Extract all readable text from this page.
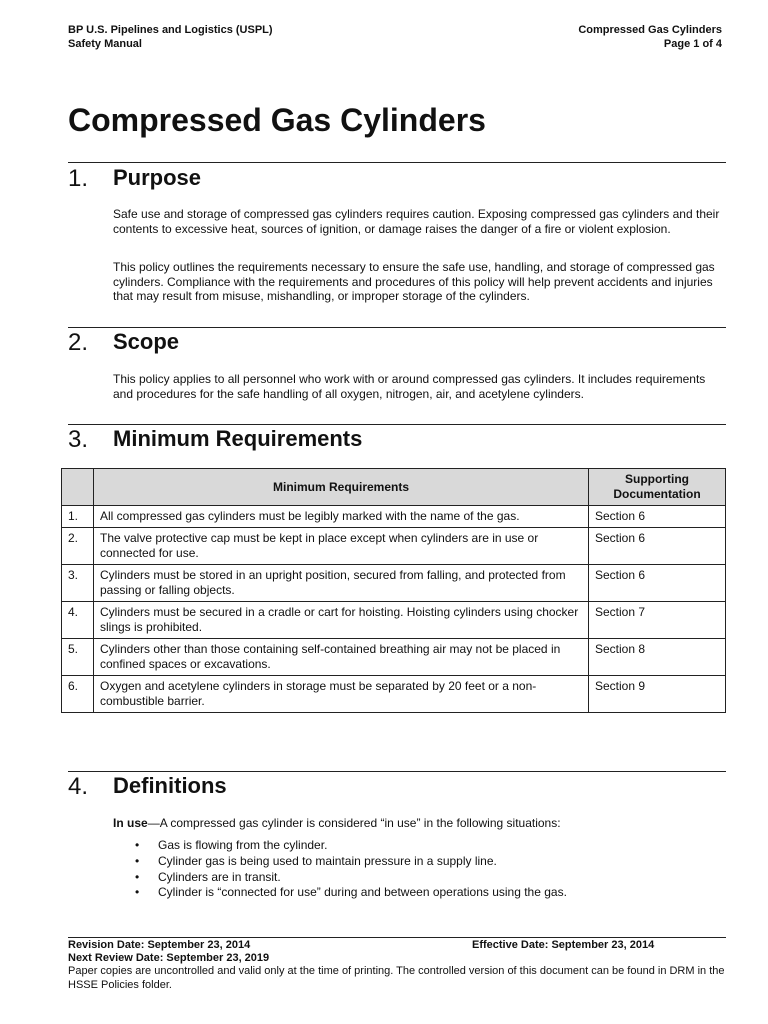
BP U.S. Pipelines and Logistics (USPL)
Safety Manual
Compressed Gas Cylinders
Page 1 of 4
Compressed Gas Cylinders
1. Purpose
Safe use and storage of compressed gas cylinders requires caution. Exposing compressed gas cylinders and their contents to excessive heat, sources of ignition, or damage raises the danger of a fire or violent explosion.
This policy outlines the requirements necessary to ensure the safe use, handling, and storage of compressed gas cylinders. Compliance with the requirements and procedures of this policy will help prevent accidents and injuries that may result from misuse, mishandling, or improper storage of the cylinders.
2. Scope
This policy applies to all personnel who work with or around compressed gas cylinders. It includes requirements and procedures for the safe handling of all oxygen, nitrogen, air, and acetylene cylinders.
3. Minimum Requirements
	Minimum Requirements	Supporting Documentation
1.	All compressed gas cylinders must be legibly marked with the name of the gas.	Section 6
2.	The valve protective cap must be kept in place except when cylinders are in use or connected for use.	Section 6
3.	Cylinders must be stored in an upright position, secured from falling, and protected from passing or falling objects.	Section 6
4.	Cylinders must be secured in a cradle or cart for hoisting. Hoisting cylinders using chocker slings is prohibited.	Section 7
5.	Cylinders other than those containing self-contained breathing air may not be placed in confined spaces or excavations.	Section 8
6.	Oxygen and acetylene cylinders in storage must be separated by 20 feet or a non-combustible barrier.	Section 9
4. Definitions
In use—A compressed gas cylinder is considered “in use” in the following situations:
• Gas is flowing from the cylinder.
• Cylinder gas is being used to maintain pressure in a supply line.
• Cylinders are in transit.
• Cylinder is “connected for use” during and between operations using the gas.
Revision Date: September 23, 2014	Effective Date: September 23, 2014
Next Review Date: September 23, 2019
Paper copies are uncontrolled and valid only at the time of printing. The controlled version of this document can be found in DRM in the HSSE Policies folder.
